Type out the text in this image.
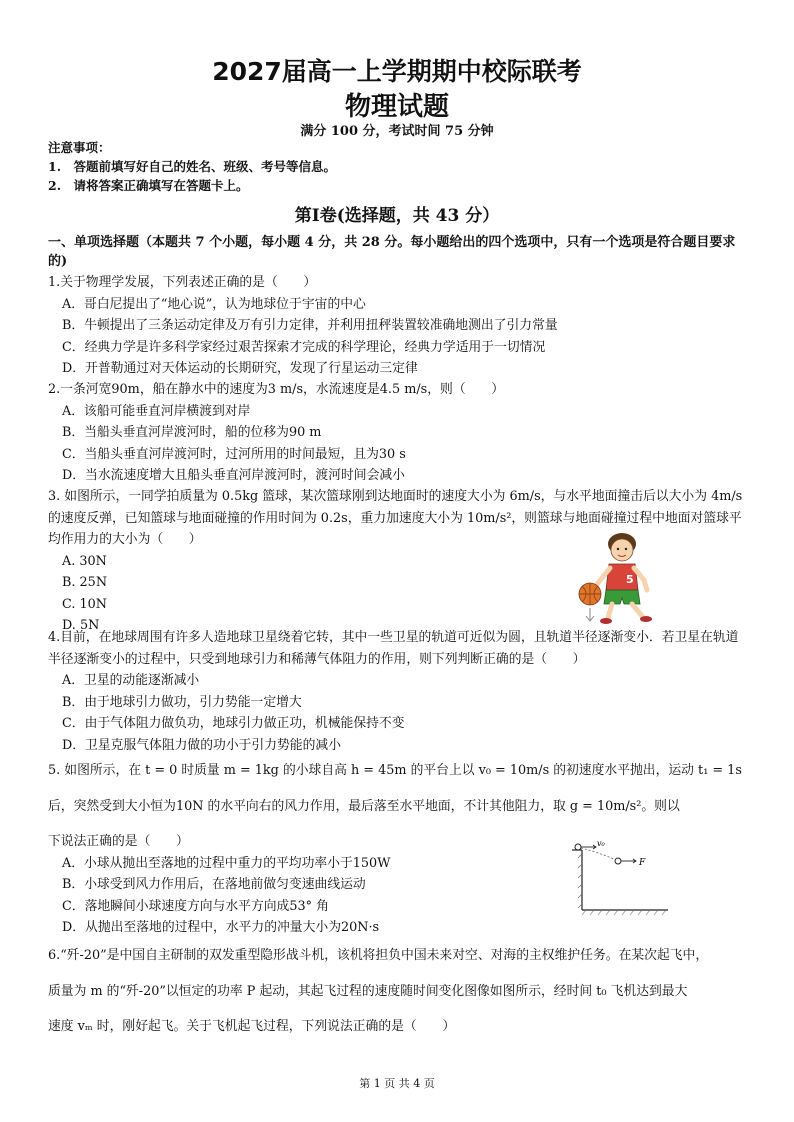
2027届高一上学期期中校际联考
物理试题
满分 100 分，考试时间 75 分钟
注意事项：
1.　答题前填写好自己的姓名、班级、考号等信息。
2.　请将答案正确填写在答题卡上。
第I卷(选择题，共 43 分）
一、单项选择题（本题共 7 个小题，每小题 4 分，共 28 分。每小题给出的四个选项中，只有一个选项是符合题目要求的)
1.关于物理学发展，下列表述正确的是（　　）
A．哥白尼提出了“地心说”，认为地球位于宇宙的中心
B．牛顿提出了三条运动定律及万有引力定律，并利用扭秤装置较准确地测出了引力常量
C．经典力学是许多科学家经过艰苦探索才完成的科学理论，经典力学适用于一切情况
D．开普勒通过对天体运动的长期研究，发现了行星运动三定律
2.一条河宽90m，船在静水中的速度为3 m/s，水流速度是4.5 m/s，则（　　）
A．该船可能垂直河岸横渡到对岸
B．当船头垂直河岸渡河时，船的位移为90 m
C．当船头垂直河岸渡河时，过河所用的时间最短，且为30 s
D．当水流速度增大且船头垂直河岸渡河时，渡河时间会减小
3. 如图所示，一同学拍质量为 0.5kg 篮球，某次篮球刚到达地面时的速度大小为 6m/s，与水平地面撞击后以大小为 4m/s 的速度反弹，已知篮球与地面碰撞的作用时间为 0.2s，重力加速度大小为 10m/s²，则篮球与地面碰撞过程中地面对篮球平均作用力的大小为（　　）
A. 30N
B. 25N
C. 10N
D. 5N
5
4.目前，在地球周围有许多人造地球卫星绕着它转，其中一些卫星的轨道可近似为圆，且轨道半径逐渐变小．若卫星在轨道半径逐渐变小的过程中，只受到地球引力和稀薄气体阻力的作用，则下列判断正确的是（　　）
A．卫星的动能逐渐减小
B．由于地球引力做功，引力势能一定增大
C．由于气体阻力做负功，地球引力做正功，机械能保持不变
D．卫星克服气体阻力做的功小于引力势能的减小
5. 如图所示，在 t = 0 时质量 m = 1kg 的小球自高 h = 45m 的平台上以 v₀ = 10m/s 的初速度水平抛出，运动 t₁ = 1s
后，突然受到大小恒为10N 的水平向右的风力作用，最后落至水平地面，不计其他阻力，取 g = 10m/s²。则以
下说法正确的是（　　）
A．小球从抛出至落地的过程中重力的平均功率小于150W
B．小球受到风力作用后，在落地前做匀变速曲线运动
C．落地瞬间小球速度方向与水平方向成53° 角
D．从抛出至落地的过程中，水平力的冲量大小为20N·s
v₀
F
6.“歼-20”是中国自主研制的双发重型隐形战斗机，该机将担负中国未来对空、对海的主权维护任务。在某次起飞中，
质量为 m 的“歼-20”以恒定的功率 P 起动，其起飞过程的速度随时间变化图像如图所示，经时间 t₀ 飞机达到最大
速度 vₘ 时，刚好起飞。关于飞机起飞过程，下列说法正确的是（　　）
第 1 页 共 4 页
